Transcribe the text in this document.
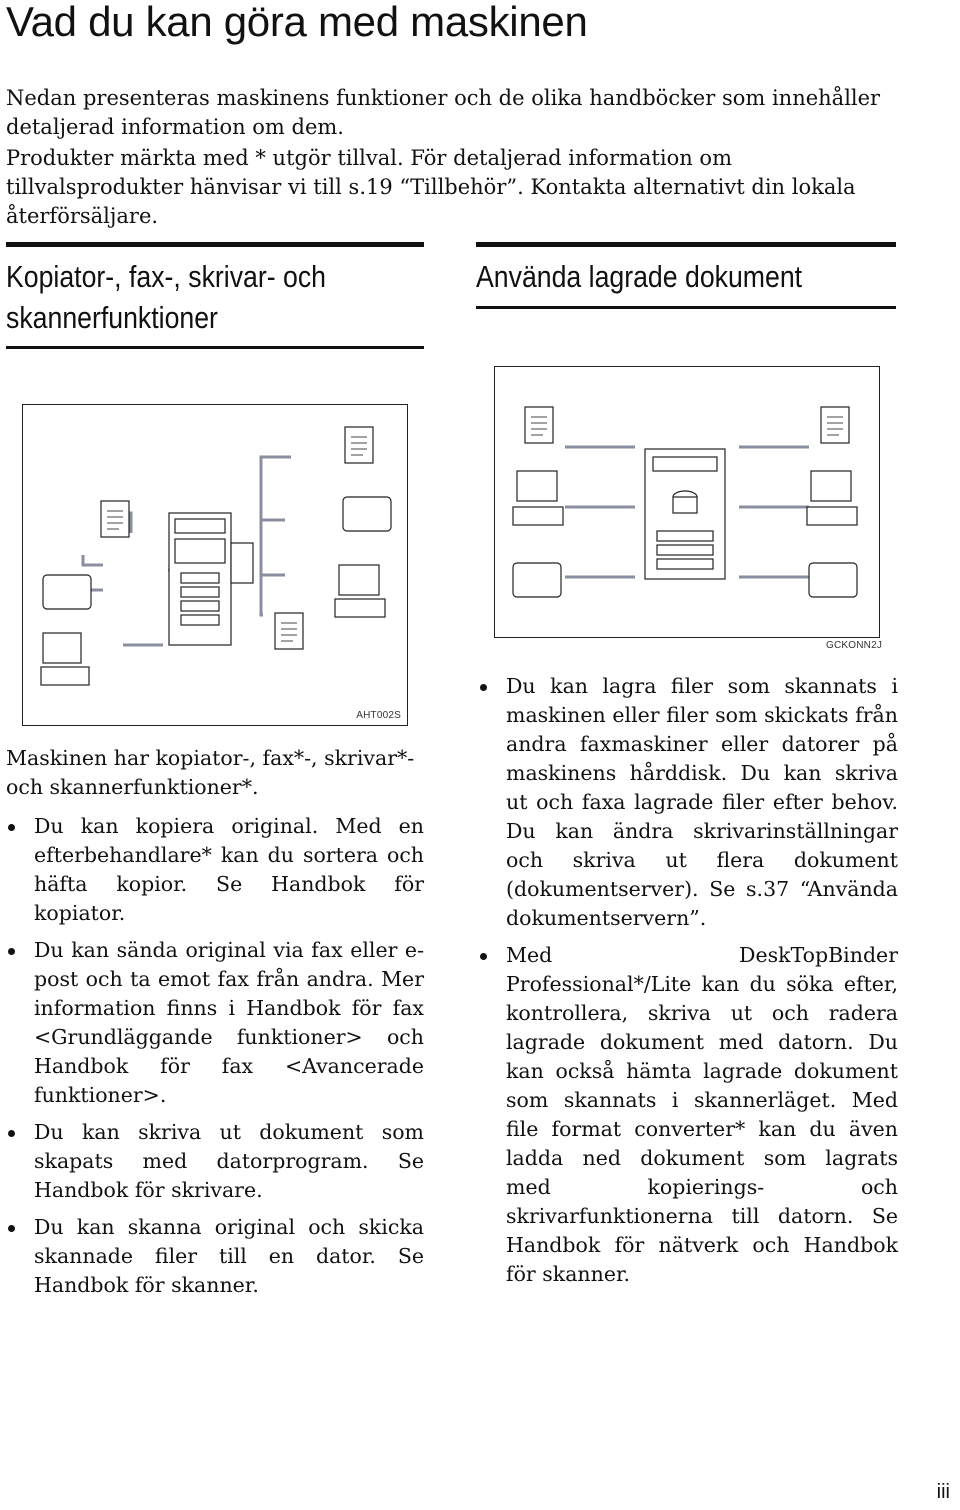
Vad du kan göra med maskinen

Nedan presenteras maskinens funktioner och de olika handböcker som innehåller detaljerad information om dem.

Produkter märkta med * utgör tillval. För detaljerad information om tillvalsprodukter hänvisar vi till s.19 “Tillbehör”. Kontakta alternativt din lokala återförsäljare.

Kopiator-, fax-, skrivar- och
skannerfunktioner
Använda lagrade dokument
AHT002S
GCKONN2J

Maskinen har kopiator-, fax*-, skrivar*- och skannerfunktioner*.

Du kan kopiera original. Med en efterbehandlare* kan du sortera och häfta kopior. Se Handbok för kopiator.
Du kan sända original via fax eller e-post och ta emot fax från andra. Mer information finns i Handbok för fax <Grundläggande funktioner> och Handbok för fax <Avancerade funktioner>.
Du kan skriva ut dokument som skapats med datorprogram. Se Handbok för skrivare.
Du kan skanna original och skicka skannade filer till en dator. Se Handbok för skanner.
Du kan lagra filer som skannats i maskinen eller filer som skickats från andra faxmaskiner eller datorer på maskinens hårddisk. Du kan skriva ut och faxa lagrade filer efter behov. Du kan ändra skrivarinställningar och skriva ut flera dokument (dokumentserver). Se s.37 “Använda dokumentservern”.
Med DeskTopBinder Professional*/Lite kan du söka efter, kontrollera, skriva ut och radera lagrade dokument med datorn. Du kan också hämta lagrade dokument som skannats i skannerläget. Med file format converter* kan du även ladda ned dokument som lagrats med kopierings- och skrivarfunktionerna till datorn. Se Handbok för nätverk och Handbok för skanner.
iii
